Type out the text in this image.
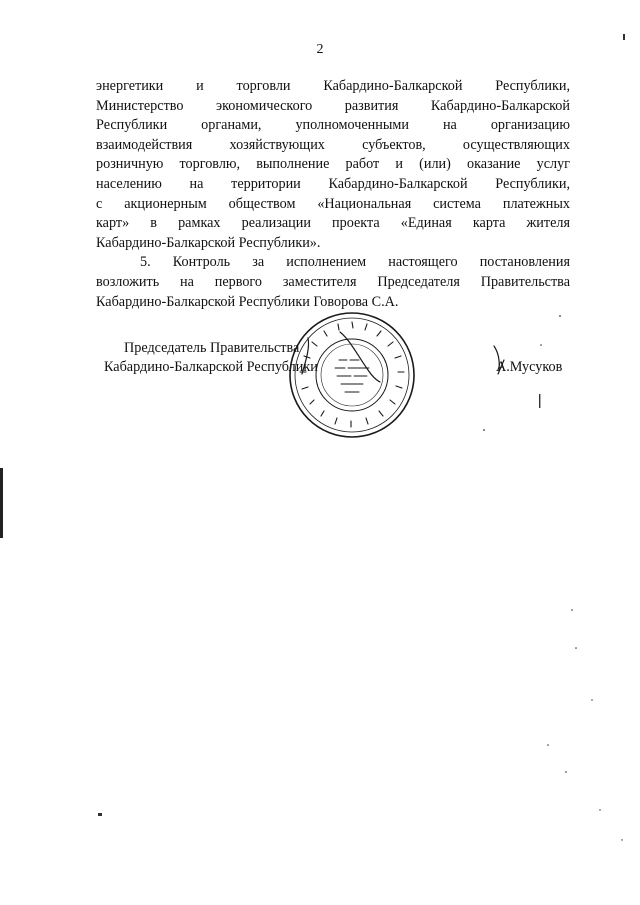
2
энергетики и торговли Кабардино-Балкарской Республики,
Министерство экономического развития Кабардино-Балкарской
Республики органами, уполномоченными на организацию
взаимодействия хозяйствующих субъектов, осуществляющих
розничную торговлю, выполнение работ и (или) оказание услуг
населению на территории Кабардино-Балкарской Республики,
с акционерным обществом «Национальная система платежных
карт» в рамках реализации проекта «Единая карта жителя
Кабардино-Балкарской Республики».
5. Контроль за исполнением настоящего постановления
возложить на первого заместителя Председателя Правительства
Кабардино-Балкарской Республики Говорова С.А.
Председатель Правительства
Кабардино-Балкарской Республики	А.Мусуков
